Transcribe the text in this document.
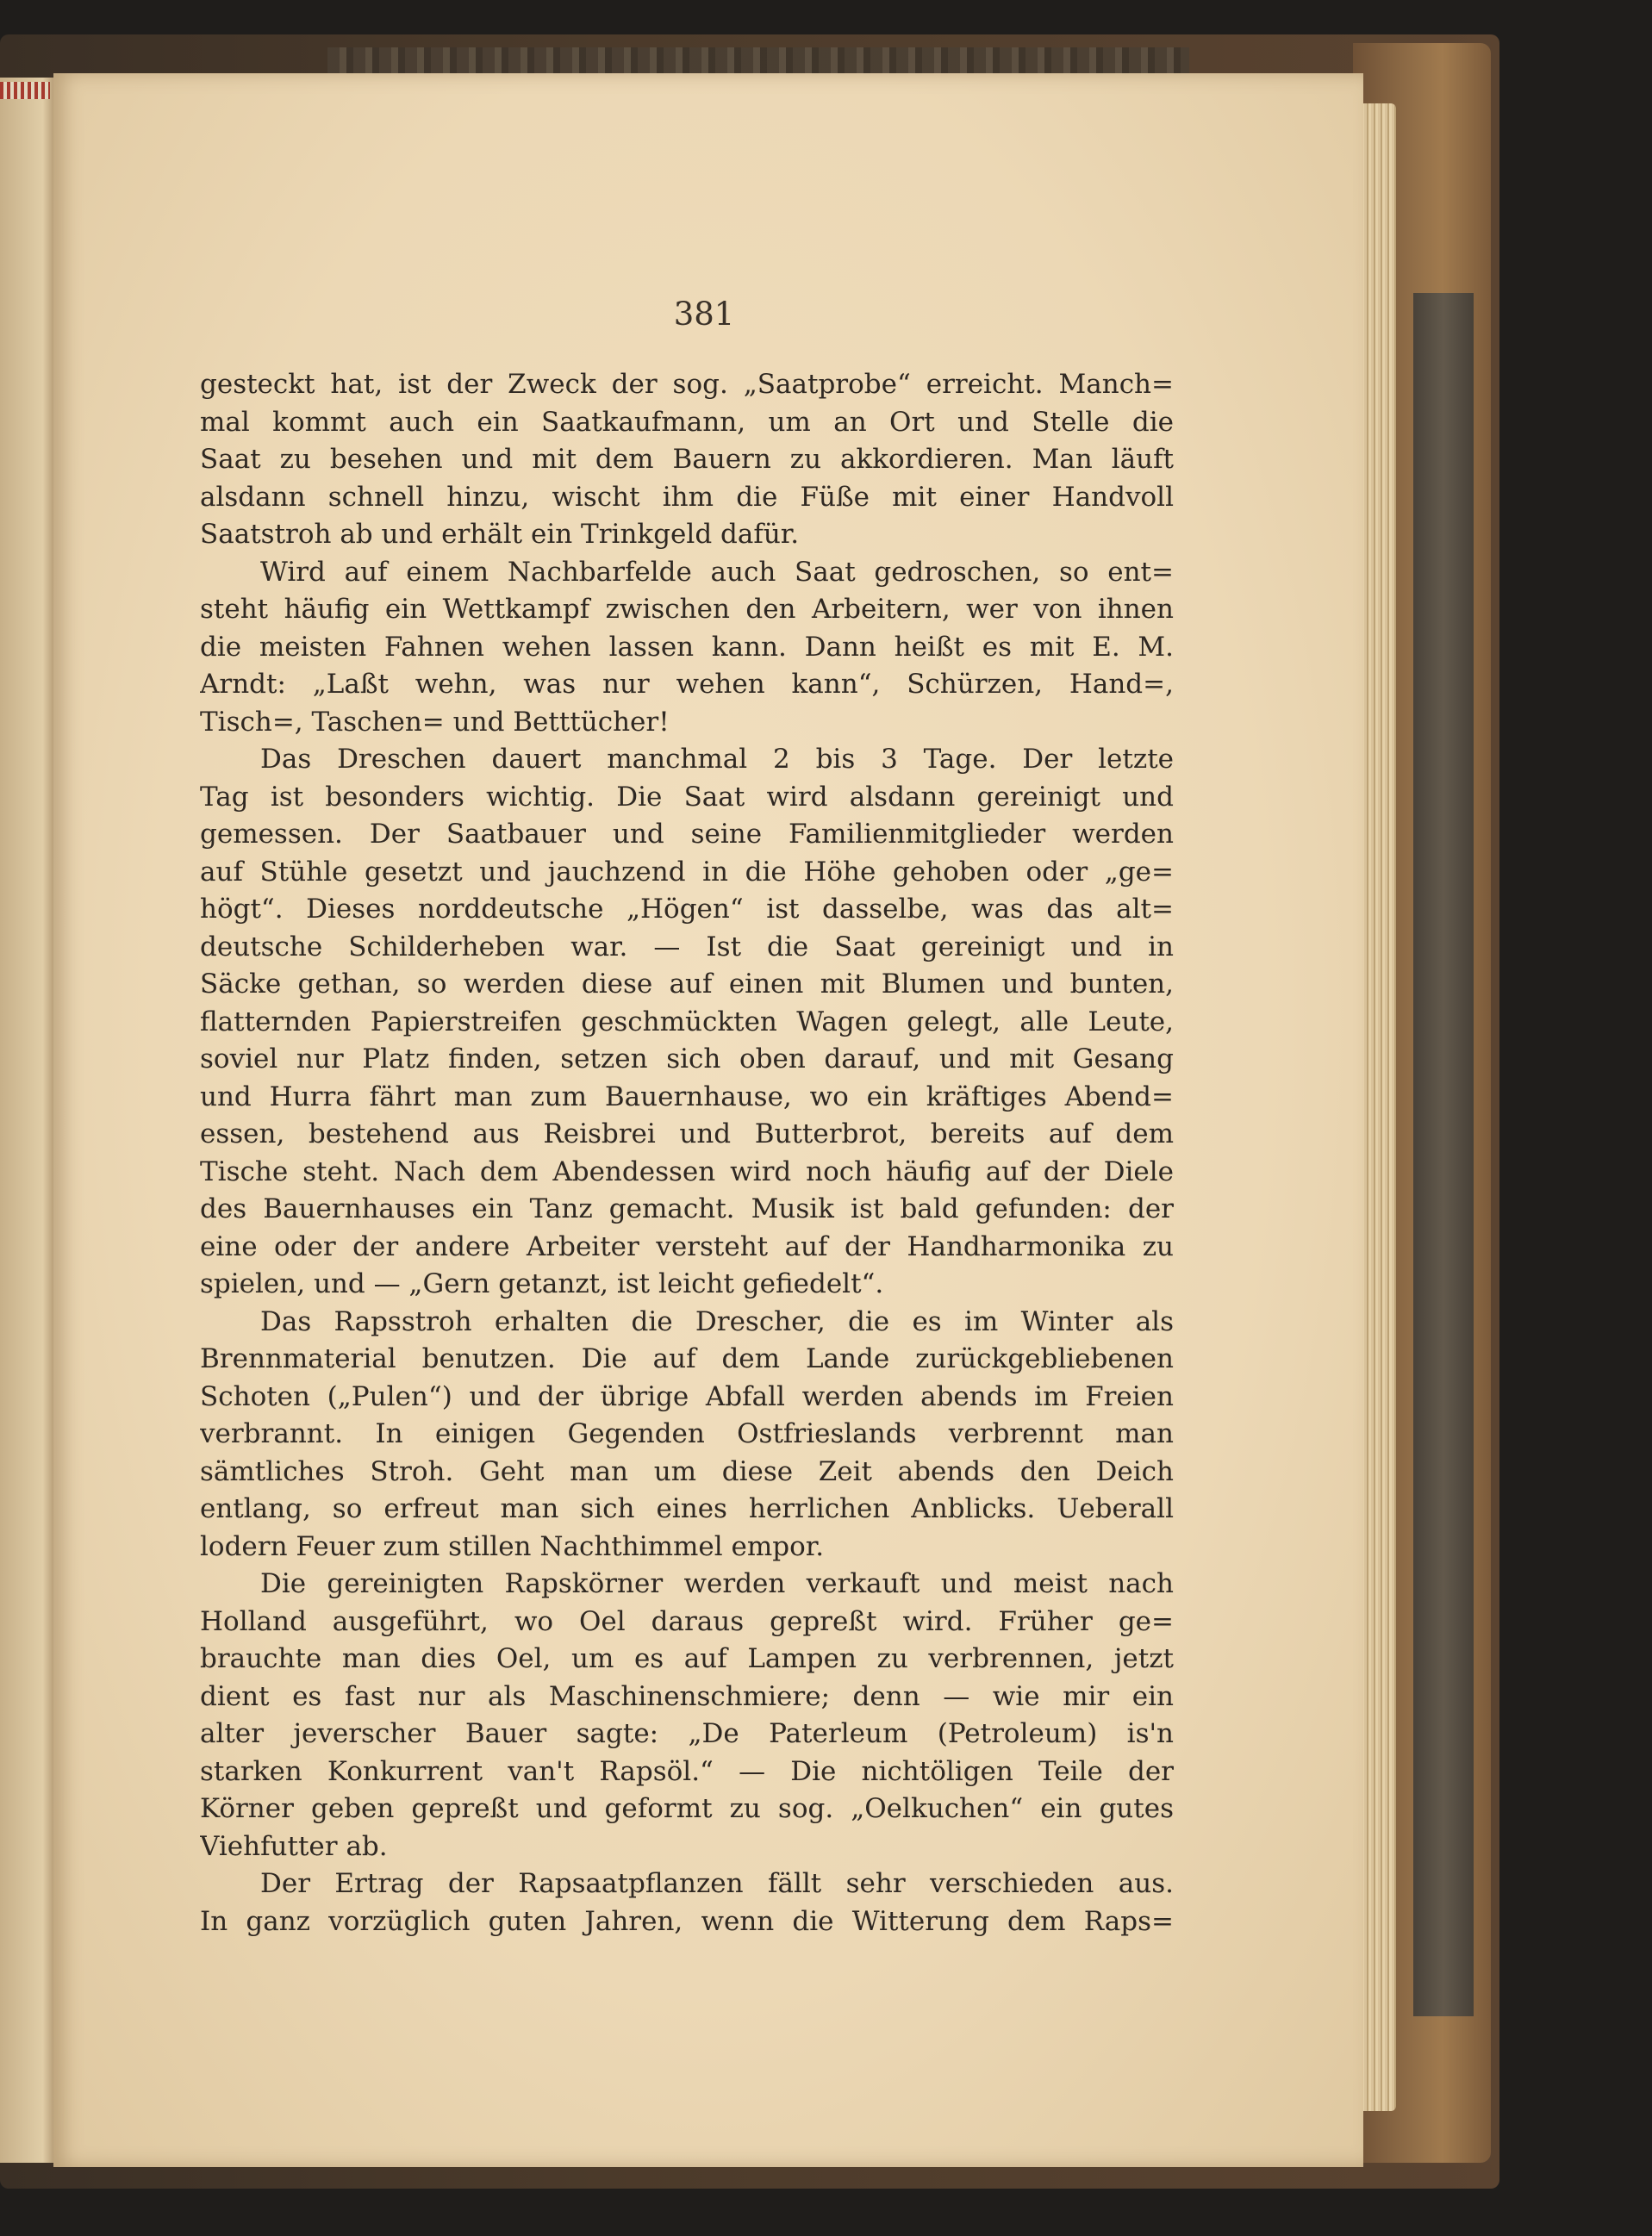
381
gesteckt hat, ist der Zweck der sog. „Saatprobe“ erreicht. Manch=
mal kommt auch ein Saatkaufmann, um an Ort und Stelle die
Saat zu besehen und mit dem Bauern zu akkordieren. Man läuft
alsdann schnell hinzu, wischt ihm die Füße mit einer Handvoll
Saatstroh ab und erhält ein Trinkgeld dafür.
Wird auf einem Nachbarfelde auch Saat gedroschen, so ent=
steht häufig ein Wettkampf zwischen den Arbeitern, wer von ihnen
die meisten Fahnen wehen lassen kann. Dann heißt es mit E. M.
Arndt: „Laßt wehn, was nur wehen kann“, Schürzen, Hand=,
Tisch=, Taschen= und Betttücher!
Das Dreschen dauert manchmal 2 bis 3 Tage. Der letzte
Tag ist besonders wichtig. Die Saat wird alsdann gereinigt und
gemessen. Der Saatbauer und seine Familienmitglieder werden
auf Stühle gesetzt und jauchzend in die Höhe gehoben oder „ge=
högt“. Dieses norddeutsche „Högen“ ist dasselbe, was das alt=
deutsche Schilderheben war. — Ist die Saat gereinigt und in
Säcke gethan, so werden diese auf einen mit Blumen und bunten,
flatternden Papierstreifen geschmückten Wagen gelegt, alle Leute,
soviel nur Platz finden, setzen sich oben darauf, und mit Gesang
und Hurra fährt man zum Bauernhause, wo ein kräftiges Abend=
essen, bestehend aus Reisbrei und Butterbrot, bereits auf dem
Tische steht. Nach dem Abendessen wird noch häufig auf der Diele
des Bauernhauses ein Tanz gemacht. Musik ist bald gefunden: der
eine oder der andere Arbeiter versteht auf der Handharmonika zu
spielen, und — „Gern getanzt, ist leicht gefiedelt“.
Das Rapsstroh erhalten die Drescher, die es im Winter als
Brennmaterial benutzen. Die auf dem Lande zurückgebliebenen
Schoten („Pulen“) und der übrige Abfall werden abends im Freien
verbrannt. In einigen Gegenden Ostfrieslands verbrennt man
sämtliches Stroh. Geht man um diese Zeit abends den Deich
entlang, so erfreut man sich eines herrlichen Anblicks. Ueberall
lodern Feuer zum stillen Nachthimmel empor.
Die gereinigten Rapskörner werden verkauft und meist nach
Holland ausgeführt, wo Oel daraus gepreßt wird. Früher ge=
brauchte man dies Oel, um es auf Lampen zu verbrennen, jetzt
dient es fast nur als Maschinenschmiere; denn — wie mir ein
alter jeverscher Bauer sagte: „De Paterleum (Petroleum) is'n
starken Konkurrent van't Rapsöl.“ — Die nichtöligen Teile der
Körner geben gepreßt und geformt zu sog. „Oelkuchen“ ein gutes
Viehfutter ab.
Der Ertrag der Rapsaatpflanzen fällt sehr verschieden aus.
In ganz vorzüglich guten Jahren, wenn die Witterung dem Raps=
